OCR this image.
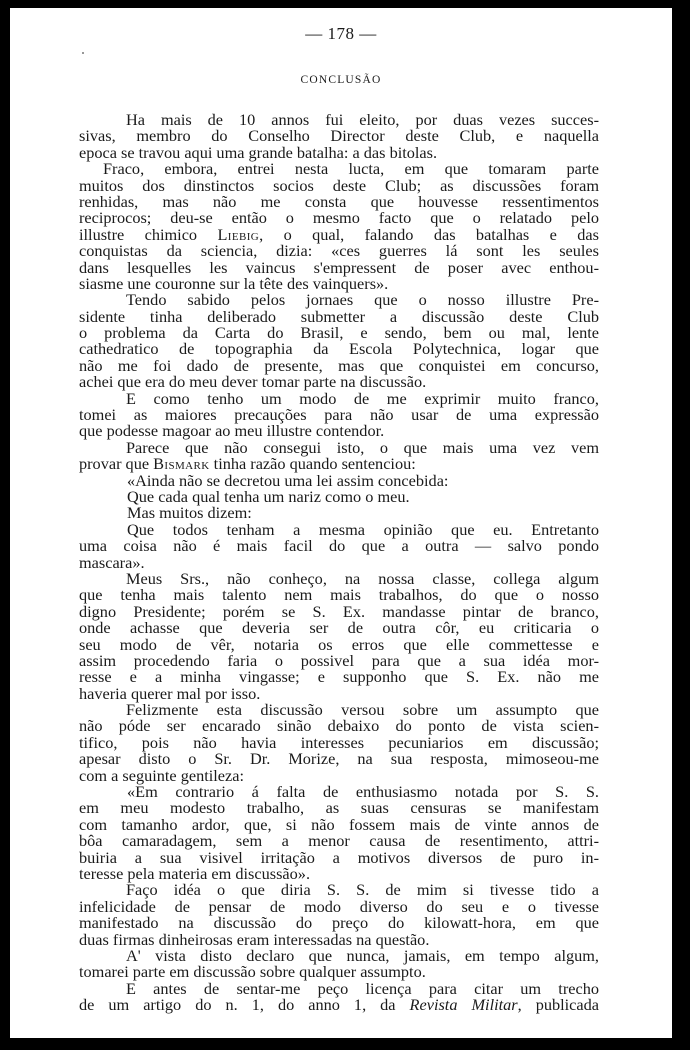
— 178 —
CONCLUSÃO
Ha mais de 10 annos fui eleito, por duas vezes succes-
sivas, membro do Conselho Director deste Club, e naquella
epoca se travou aqui uma grande batalha: a das bitolas.
Fraco, embora, entrei nesta lucta, em que tomaram parte
muitos dos dinstinctos socios deste Club; as discussões foram
renhidas, mas não me consta que houvesse ressentimentos
reciprocos; deu-se então o mesmo facto que o relatado pelo
illustre chimico Liebig, o qual, falando das batalhas e das
conquistas da sciencia, dizia: «ces guerres lá sont les seules
dans lesquelles les vaincus s'empressent de poser avec enthou-
siasme une couronne sur la tête des vainquers».
Tendo sabido pelos jornaes que o nosso illustre Pre-
sidente tinha deliberado submetter a discussão deste Club
o problema da Carta do Brasil, e sendo, bem ou mal, lente
cathedratico de topographia da Escola Polytechnica, logar que
não me foi dado de presente, mas que conquistei em concurso,
achei que era do meu dever tomar parte na discussão.
E como tenho um modo de me exprimir muito franco,
tomei as maiores precauções para não usar de uma expressão
que podesse magoar ao meu illustre contendor.
Parece que não consegui isto, o que mais uma vez vem
provar que Bismark tinha razão quando sentenciou:
«Ainda não se decretou uma lei assim concebida:
Que cada qual tenha um nariz como o meu.
Mas muitos dizem:
Que todos tenham a mesma opinião que eu. Entretanto
uma coisa não é mais facil do que a outra — salvo pondo
mascara».
Meus Srs., não conheço, na nossa classe, collega algum
que tenha mais talento nem mais trabalhos, do que o nosso
digno Presidente; porém se S. Ex. mandasse pintar de branco,
onde achasse que deveria ser de outra côr, eu criticaria o
seu modo de vêr, notaria os erros que elle commettesse e
assim procedendo faria o possivel para que a sua idéa mor-
resse e a minha vingasse; e supponho que S. Ex. não me
haveria querer mal por isso.
Felizmente esta discussão versou sobre um assumpto que
não póde ser encarado sinão debaixo do ponto de vista scien-
tifico, pois não havia interesses pecuniarios em discussão;
apesar disto o Sr. Dr. Morize, na sua resposta, mimoseou-me
com a seguinte gentileza:
«Em contrario á falta de enthusiasmo notada por S. S.
em meu modesto trabalho, as suas censuras se manifestam
com tamanho ardor, que, si não fossem mais de vinte annos de
bôa camaradagem, sem a menor causa de resentimento, attri-
buiria a sua visivel irritação a motivos diversos de puro in-
teresse pela materia em discussão».
Faço idéa o que diria S. S. de mim si tivesse tido a
infelicidade de pensar de modo diverso do seu e o tivesse
manifestado na discussão do preço do kilowatt-hora, em que
duas firmas dinheirosas eram interessadas na questão.
A' vista disto declaro que nunca, jamais, em tempo algum,
tomarei parte em discussão sobre qualquer assumpto.
E antes de sentar-me peço licença para citar um trecho
de um artigo do n. 1, do anno 1, da Revista Militar, publicada
